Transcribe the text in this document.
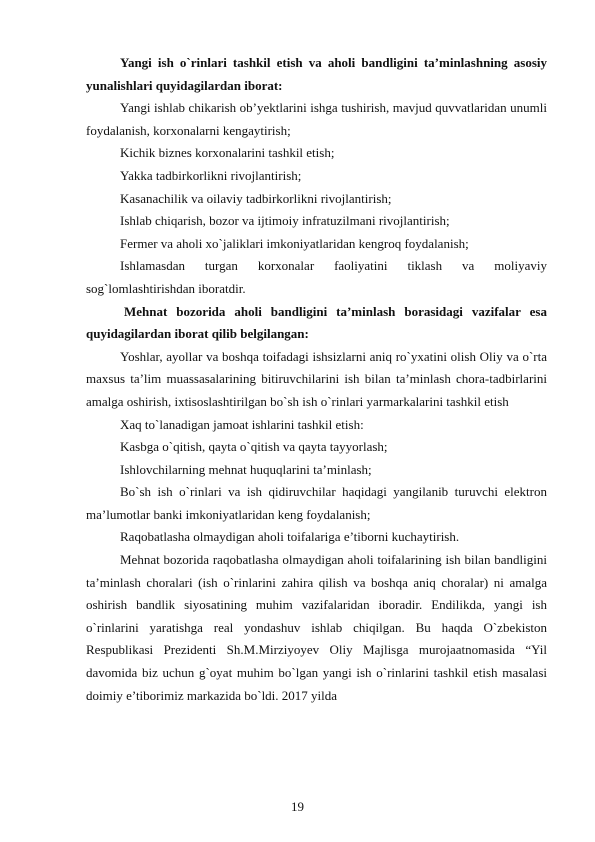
Yangi ish o`rinlari tashkil etish va aholi bandligini ta’minlashning asosiy yunalishlari quyidagilardan iborat:

Yangi ishlab chikarish ob’yektlarini ishga tushirish, mavjud quvvatlaridan unumli foydalanish, korxonalarni kengaytirish;

Kichik biznes korxonalarini tashkil etish;

Yakka tadbirkorlikni rivojlantirish;

Kasanachilik va oilaviy tadbirkorlikni rivojlantirish;

Ishlab chiqarish, bozor va ijtimoiy infratuzilmani rivojlantirish;

Fermer va aholi xo`jaliklari imkoniyatlaridan kengroq foydalanish;

Ishlamasdan turgan korxonalar faoliyatini tiklash va moliyaviy sog`lomlashtirishdan iboratdir.

Mehnat bozorida aholi bandligini ta’minlash borasidagi vazifalar esa quyidagilardan iborat qilib belgilangan:

Yoshlar, ayollar va boshqa toifadagi ishsizlarni aniq ro`yxatini olish Oliy va o`rta maxsus ta’lim muassasalarining bitiruvchilarini ish bilan ta’minlash chora-tadbirlarini amalga oshirish, ixtisoslashtirilgan bo`sh ish o`rinlari yarmarkalarini tashkil etish

Xaq to`lanadigan jamoat ishlarini tashkil etish:

Kasbga o`qitish, qayta o`qitish va qayta tayyorlash;

Ishlovchilarning mehnat huquqlarini ta’minlash;

Bo`sh ish o`rinlari va ish qidiruvchilar haqidagi yangilanib turuvchi elektron ma’lumotlar banki imkoniyatlaridan keng foydalanish;

Raqobatlasha olmaydigan aholi toifalariga e’tiborni kuchaytirish.

Mehnat bozorida raqobatlasha olmaydigan aholi toifalarining ish bilan bandligini ta’minlash choralari (ish o`rinlarini zahira qilish va boshqa aniq choralar) ni amalga oshirish bandlik siyosatining muhim vazifalaridan iboradir. Endilikda, yangi ish o`rinlarini yaratishga real yondashuv ishlab chiqilgan. Bu haqda O`zbekiston Respublikasi Prezidenti Sh.M.Mirziyoyev Oliy Majlisga murojaatnomasida “Yil davomida biz uchun g`oyat muhim bo`lgan yangi ish o`rinlarini tashkil etish masalasi doimiy e’tiborimiz markazida bo`ldi. 2017 yilda

19
